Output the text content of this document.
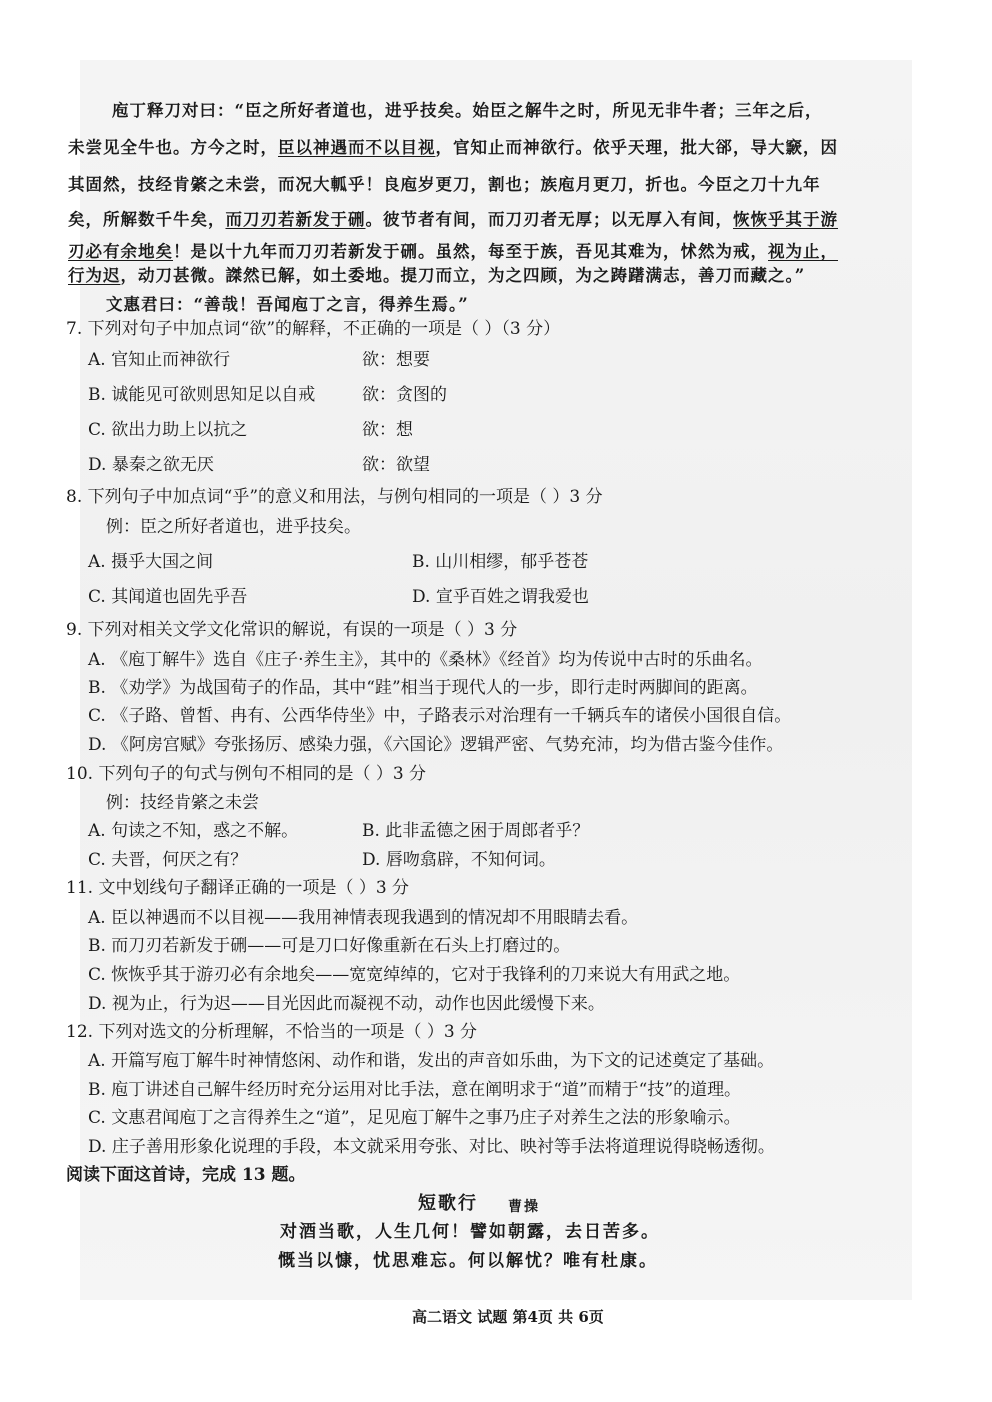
庖丁释刀对曰：“臣之所好者道也，进乎技矣。始臣之解牛之时，所见无非牛者；三年之后，
未尝见全牛也。方今之时，臣以神遇而不以目视，官知止而神欲行。依乎天理，批大郤，导大窾，因
其固然，技经肯綮之未尝，而况大軱乎！良庖岁更刀，割也；族庖月更刀，折也。今臣之刀十九年
矣，所解数千牛矣，而刀刃若新发于硎。彼节者有间，而刀刃者无厚；以无厚入有间，恢恢乎其于游
刃必有余地矣！是以十九年而刀刃若新发于硎。虽然，每至于族，吾见其难为，怵然为戒，视为止，
行为迟，动刀甚微。謋然已解，如土委地。提刀而立，为之四顾，为之踌躇满志，善刀而藏之。”
文惠君曰：“善哉！吾闻庖丁之言，得养生焉。”
7. 下列对句子中加点词“欲”的解释，不正确的一项是（ ）（3 分）
A. 官知止而神欲行	欲：想要
B. 诚能见可欲则思知足以自戒	欲：贪图的
C. 欲出力助上以抗之	欲：想
D. 暴秦之欲无厌	欲：欲望
8. 下列句子中加点词“乎”的意义和用法，与例句相同的一项是（ ）3 分
例：臣之所好者道也，进乎技矣。
A. 摄乎大国之间	B. 山川相缪，郁乎苍苍
C. 其闻道也固先乎吾	D. 宣乎百姓之谓我爱也
9. 下列对相关文学文化常识的解说，有误的一项是（ ）3 分
A. 《庖丁解牛》选自《庄子·养生主》，其中的《桑林》《经首》均为传说中古时的乐曲名。
B. 《劝学》为战国荀子的作品，其中“跬”相当于现代人的一步，即行走时两脚间的距离。
C. 《子路、曾皙、冉有、公西华侍坐》中，子路表示对治理有一千辆兵车的诸侯小国很自信。
D. 《阿房宫赋》夸张扬厉、感染力强，《六国论》逻辑严密、气势充沛，均为借古鉴今佳作。
10. 下列句子的句式与例句不相同的是（ ）3 分
例：技经肯綮之未尝
A. 句读之不知，惑之不解。	B. 此非孟德之困于周郎者乎？
C. 夫晋，何厌之有？	D. 唇吻翕辟，不知何词。
11. 文中划线句子翻译正确的一项是（ ）3 分
A. 臣以神遇而不以目视——我用神情表现我遇到的情况却不用眼睛去看。
B. 而刀刃若新发于硎——可是刀口好像重新在石头上打磨过的。
C. 恢恢乎其于游刃必有余地矣——宽宽绰绰的，它对于我锋利的刀来说大有用武之地。
D. 视为止，行为迟——目光因此而凝视不动，动作也因此缓慢下来。
12. 下列对选文的分析理解，不恰当的一项是（ ）3 分
A. 开篇写庖丁解牛时神情悠闲、动作和谐，发出的声音如乐曲，为下文的记述奠定了基础。
B. 庖丁讲述自己解牛经历时充分运用对比手法，意在阐明求于“道”而精于“技”的道理。
C. 文惠君闻庖丁之言得养生之“道”，足见庖丁解牛之事乃庄子对养生之法的形象喻示。
D. 庄子善用形象化说理的手段，本文就采用夸张、对比、映衬等手法将道理说得晓畅透彻。
阅读下面这首诗，完成 13 题。
短歌行 曹操
对酒当歌，人生几何！譬如朝露，去日苦多。
慨当以慷，忧思难忘。何以解忧？唯有杜康。
高二语文 试题 第4页 共 6页
